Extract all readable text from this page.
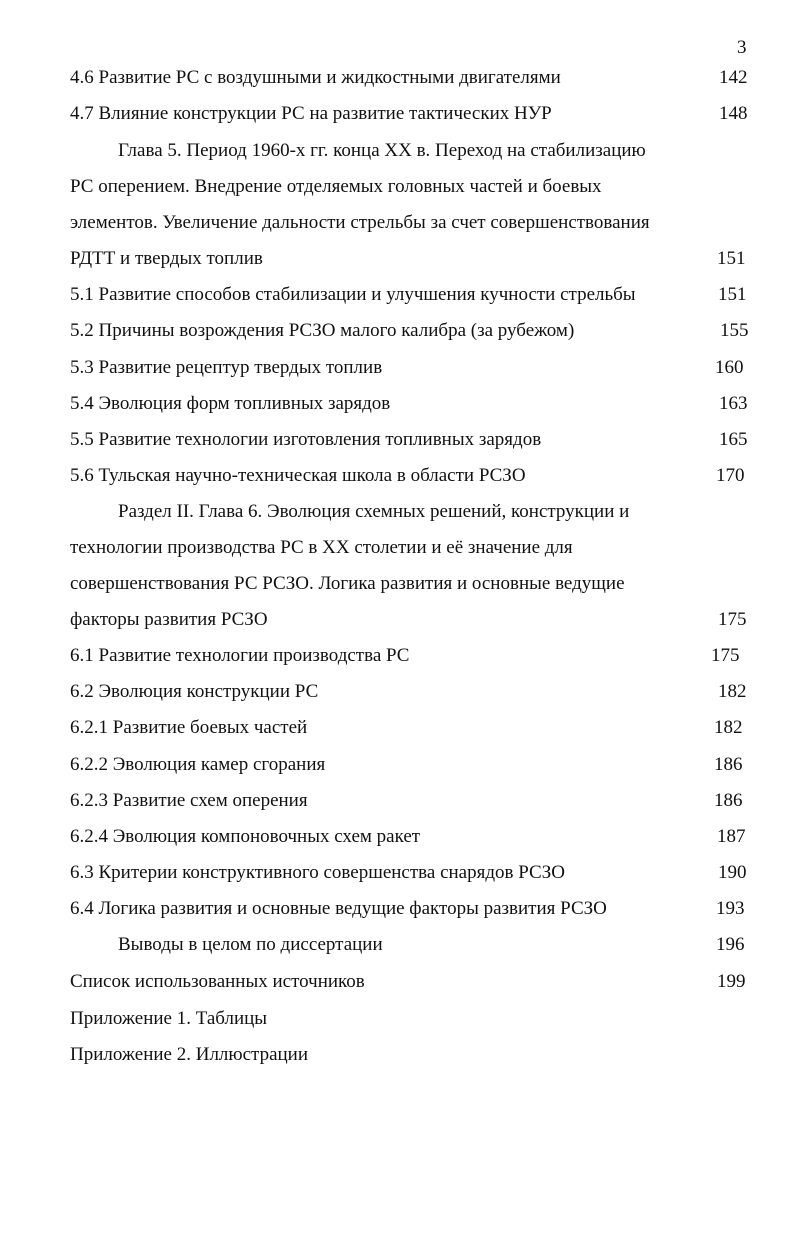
3
4.6 Развитие РС с воздушными и жидкостными двигателями	142
4.7 Влияние конструкции РС на развитие тактических НУР	148
Глава 5. Период 1960-х гг. конца XX в. Переход на стабилизацию
РС оперением. Внедрение отделяемых головных частей и боевых
элементов. Увеличение дальности стрельбы за счет совершенствования
РДТТ и твердых топлив	151
5.1 Развитие способов стабилизации и улучшения кучности стрельбы	151
5.2 Причины возрождения РСЗО малого калибра (за рубежом)	155
5.3 Развитие рецептур твердых топлив	160
5.4 Эволюция форм топливных зарядов	163
5.5 Развитие технологии изготовления топливных зарядов	165
5.6 Тульская научно-техническая школа в области РСЗО	170
Раздел II. Глава 6. Эволюция схемных решений, конструкции и
технологии производства РС в XX столетии и её значение для
совершенствования РС РСЗО. Логика развития и основные ведущие
факторы развития РСЗО	175
6.1 Развитие технологии производства РС	175
6.2 Эволюция конструкции РС	182
6.2.1 Развитие боевых частей	182
6.2.2 Эволюция камер сгорания	186
6.2.3 Развитие схем оперения	186
6.2.4 Эволюция компоновочных схем ракет	187
6.3 Критерии конструктивного совершенства снарядов РСЗО	190
6.4 Логика развития и основные ведущие факторы развития РСЗО	193
Выводы в целом по диссертации	196
Список использованных источников	199
Приложение 1. Таблицы
Приложение 2. Иллюстрации
